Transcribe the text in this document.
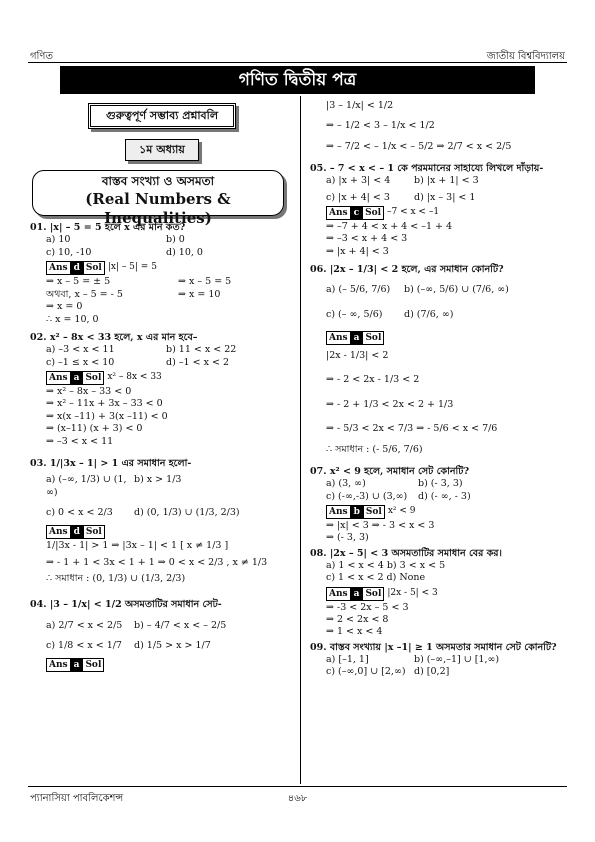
গণিত	জাতীয় বিশ্ববিদ্যালয়
গণিত দ্বিতীয় পত্র
গুরুত্বপূর্ণ সম্ভাব্য প্রশ্নাবলি
১ম অধ্যায়
বাস্তব সংখ্যা ও অসমতা
(Real Numbers & Inequalities)
01. |x| – 5 = 5 হলে x এর মান কত?
a) 10	b) 0
c) 10, -10	d) 10, 0
Ans d Sol |x| – 5| = 5
⇒ x – 5 = ± 5	⇒ x – 5 = 5
অথবা, x – 5 = - 5	⇒ x = 10
⇒ x = 0
∴ x = 10, 0
02. x² – 8x < 33 হলে, x এর মান হবে–
a) –3 < x < 11	b) 11 < x < 22
c) –1 ≤ x < 10	d) –1 < x < 2
Ans a Sol x² – 8x < 33
⇒ x² – 8x – 33 < 0
⇒ x² – 11x + 3x – 33 < 0
⇒ x(x –11) + 3(x –11) < 0
⇒ (x–11) (x + 3) < 0
⇒ –3 < x < 11
03. 1/|3x – 1| > 1 এর সমাধান হলো-
a) (–∞, 1/3) ∪ (1, ∞)
b) x > 1/3
c) 0 < x < 2/3	d) (0, 1/3) ∪ (1/3, 2/3)
Ans d Sol
1/|3x - 1| > 1 ⇒ |3x – 1| < 1 [ x ≠ 1/3 ]
⇒ - 1 + 1 < 3x < 1 + 1 ⇒ 0 < x < 2/3 , x ≠ 1/3
∴ সমাধান : (0, 1/3) ∪ (1/3, 2/3)
04. |3 – 1/x| < 1/2 অসমতাটির সমাধান সেট-
a) 2/7 < x < 2/5	b) – 4/7 < x < – 2/5
c) 1/8 < x < 1/7	d) 1/5 > x > 1/7
Ans a Sol
|3 – 1/x| < 1/2
⇒ – 1/2 < 3 – 1/x < 1/2
⇒ – 7/2 < – 1/x < – 5/2 ⇒ 2/7 < x < 2/5
05. – 7 < x < – 1 কে পরমমানের সাহায্যে লিখলে দাঁড়ায়-
a) |x + 3| < 4	b) |x + 1| < 3
c) |x + 4| < 3	d) |x – 3| < 1
Ans c Sol –7 < x < –1
⇒ –7 + 4 < x + 4 < –1 + 4
⇒ –3 < x + 4 < 3
⇒ |x + 4| < 3
06. |2x – 1/3| < 2 হলে, এর সমাধান কোনটি?
a) (– 5/6, 7/6)	b) (–∞, 5/6) ∪ (7/6, ∞)
c) (– ∞, 5/6)	d) (7/6, ∞)
Ans a Sol
|2x - 1/3| < 2
⇒ - 2 < 2x - 1/3 < 2
⇒ - 2 + 1/3 < 2x < 2 + 1/3
⇒ - 5/3 < 2x < 7/3 ⇒ - 5/6 < x < 7/6
∴ সমাধান : (- 5/6, 7/6)
07. x² < 9 হলে, সমাধান সেট কোনটি?
a) (3, ∞)	b) (- 3, 3)
c) (-∞,-3) ∪ (3,∞)	d) (- ∞, - 3)
Ans b Sol x² < 9
⇒ |x| < 3 ⇒ - 3 < x < 3
⇒ (- 3, 3)
08. |2x – 5| < 3 অসমতাটির সমাধান বের কর।
a) 1 < x < 4 b) 3 < x < 5
c) 1 < x < 2 d) None
Ans a Sol |2x - 5| < 3
⇒ -3 < 2x – 5 < 3
⇒ 2 < 2x < 8
⇒ 1 < x < 4
09. বাস্তব সংখ্যায় |x –1| ≥ 1 অসমতার সমাধান সেট কোনটি?
a) [–1, 1]	b) (–∞,–1] ∪ [1,∞)
c) (–∞,0] ∪ [2,∞) d) [0,2]
প্যানাসিয়া পাবলিকেশন্স	৪৬৮
